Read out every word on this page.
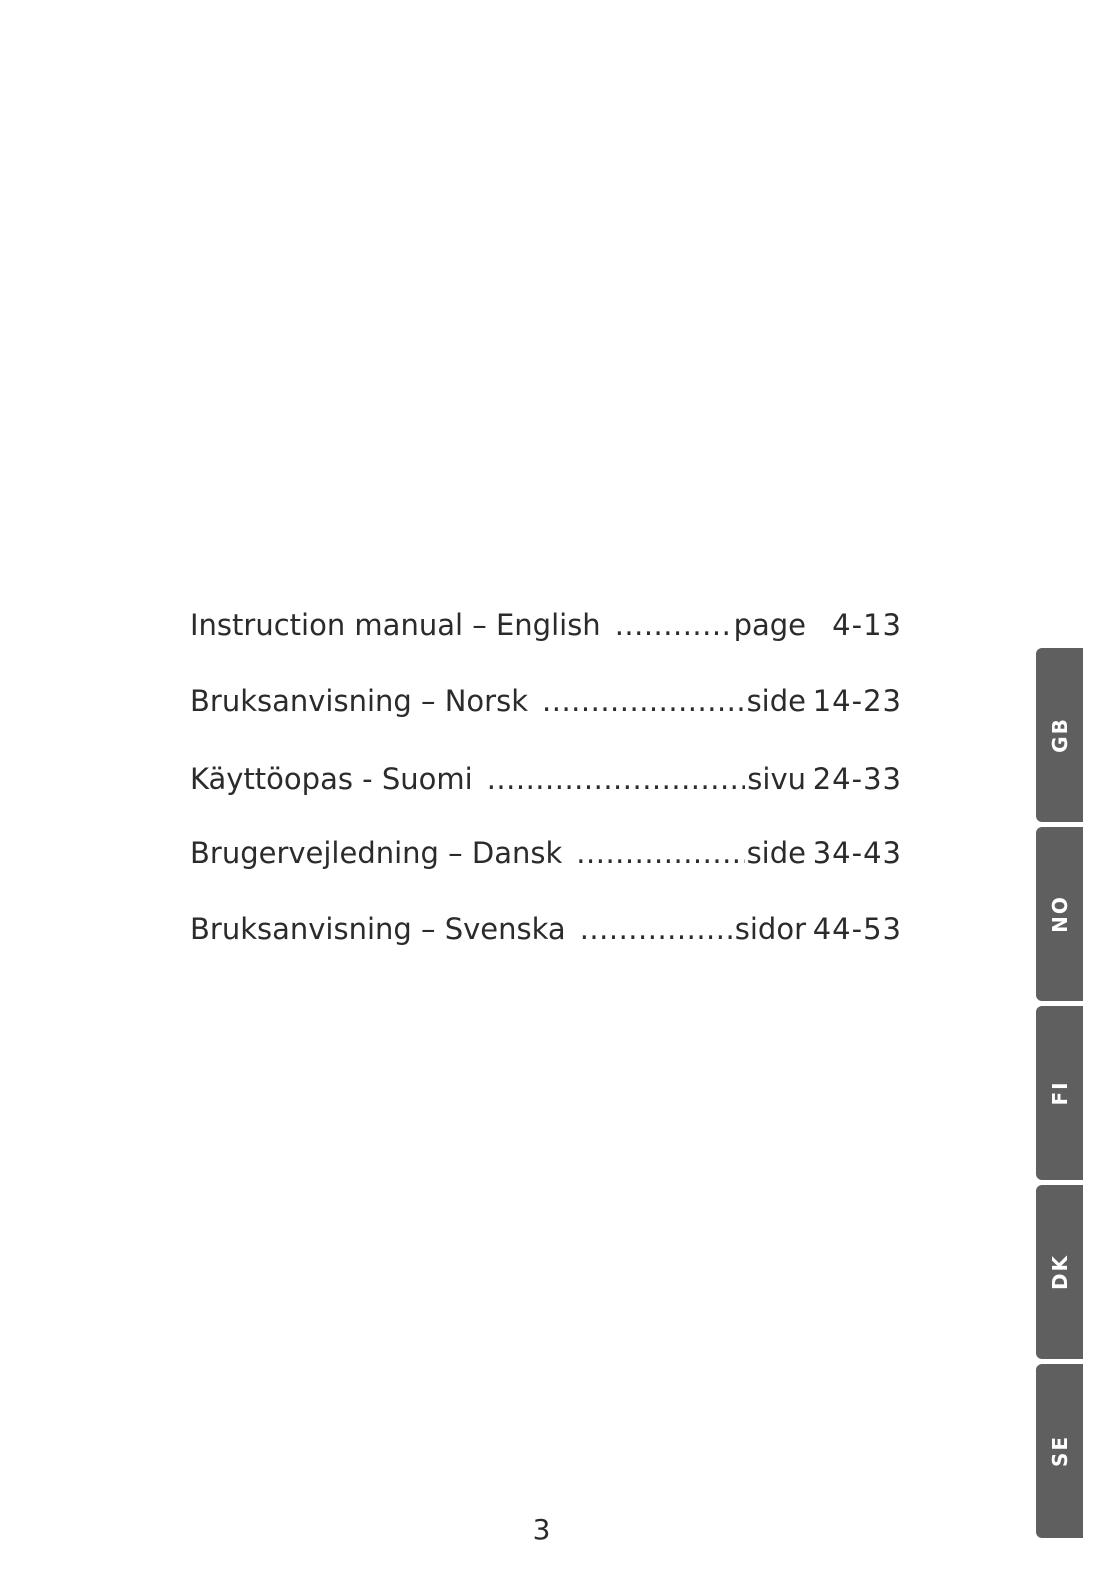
Instruction manual – English .....	page 4-13
Bruksanvisning – Norsk .....	side 14-23
Käyttöopas - Suomi .....	sivu 24-33
Brugervejledning – Dansk .....	side 34-43
Bruksanvisning – Svenska .....	sidor 44-53
3
GB
NO
FI
DK
SE
